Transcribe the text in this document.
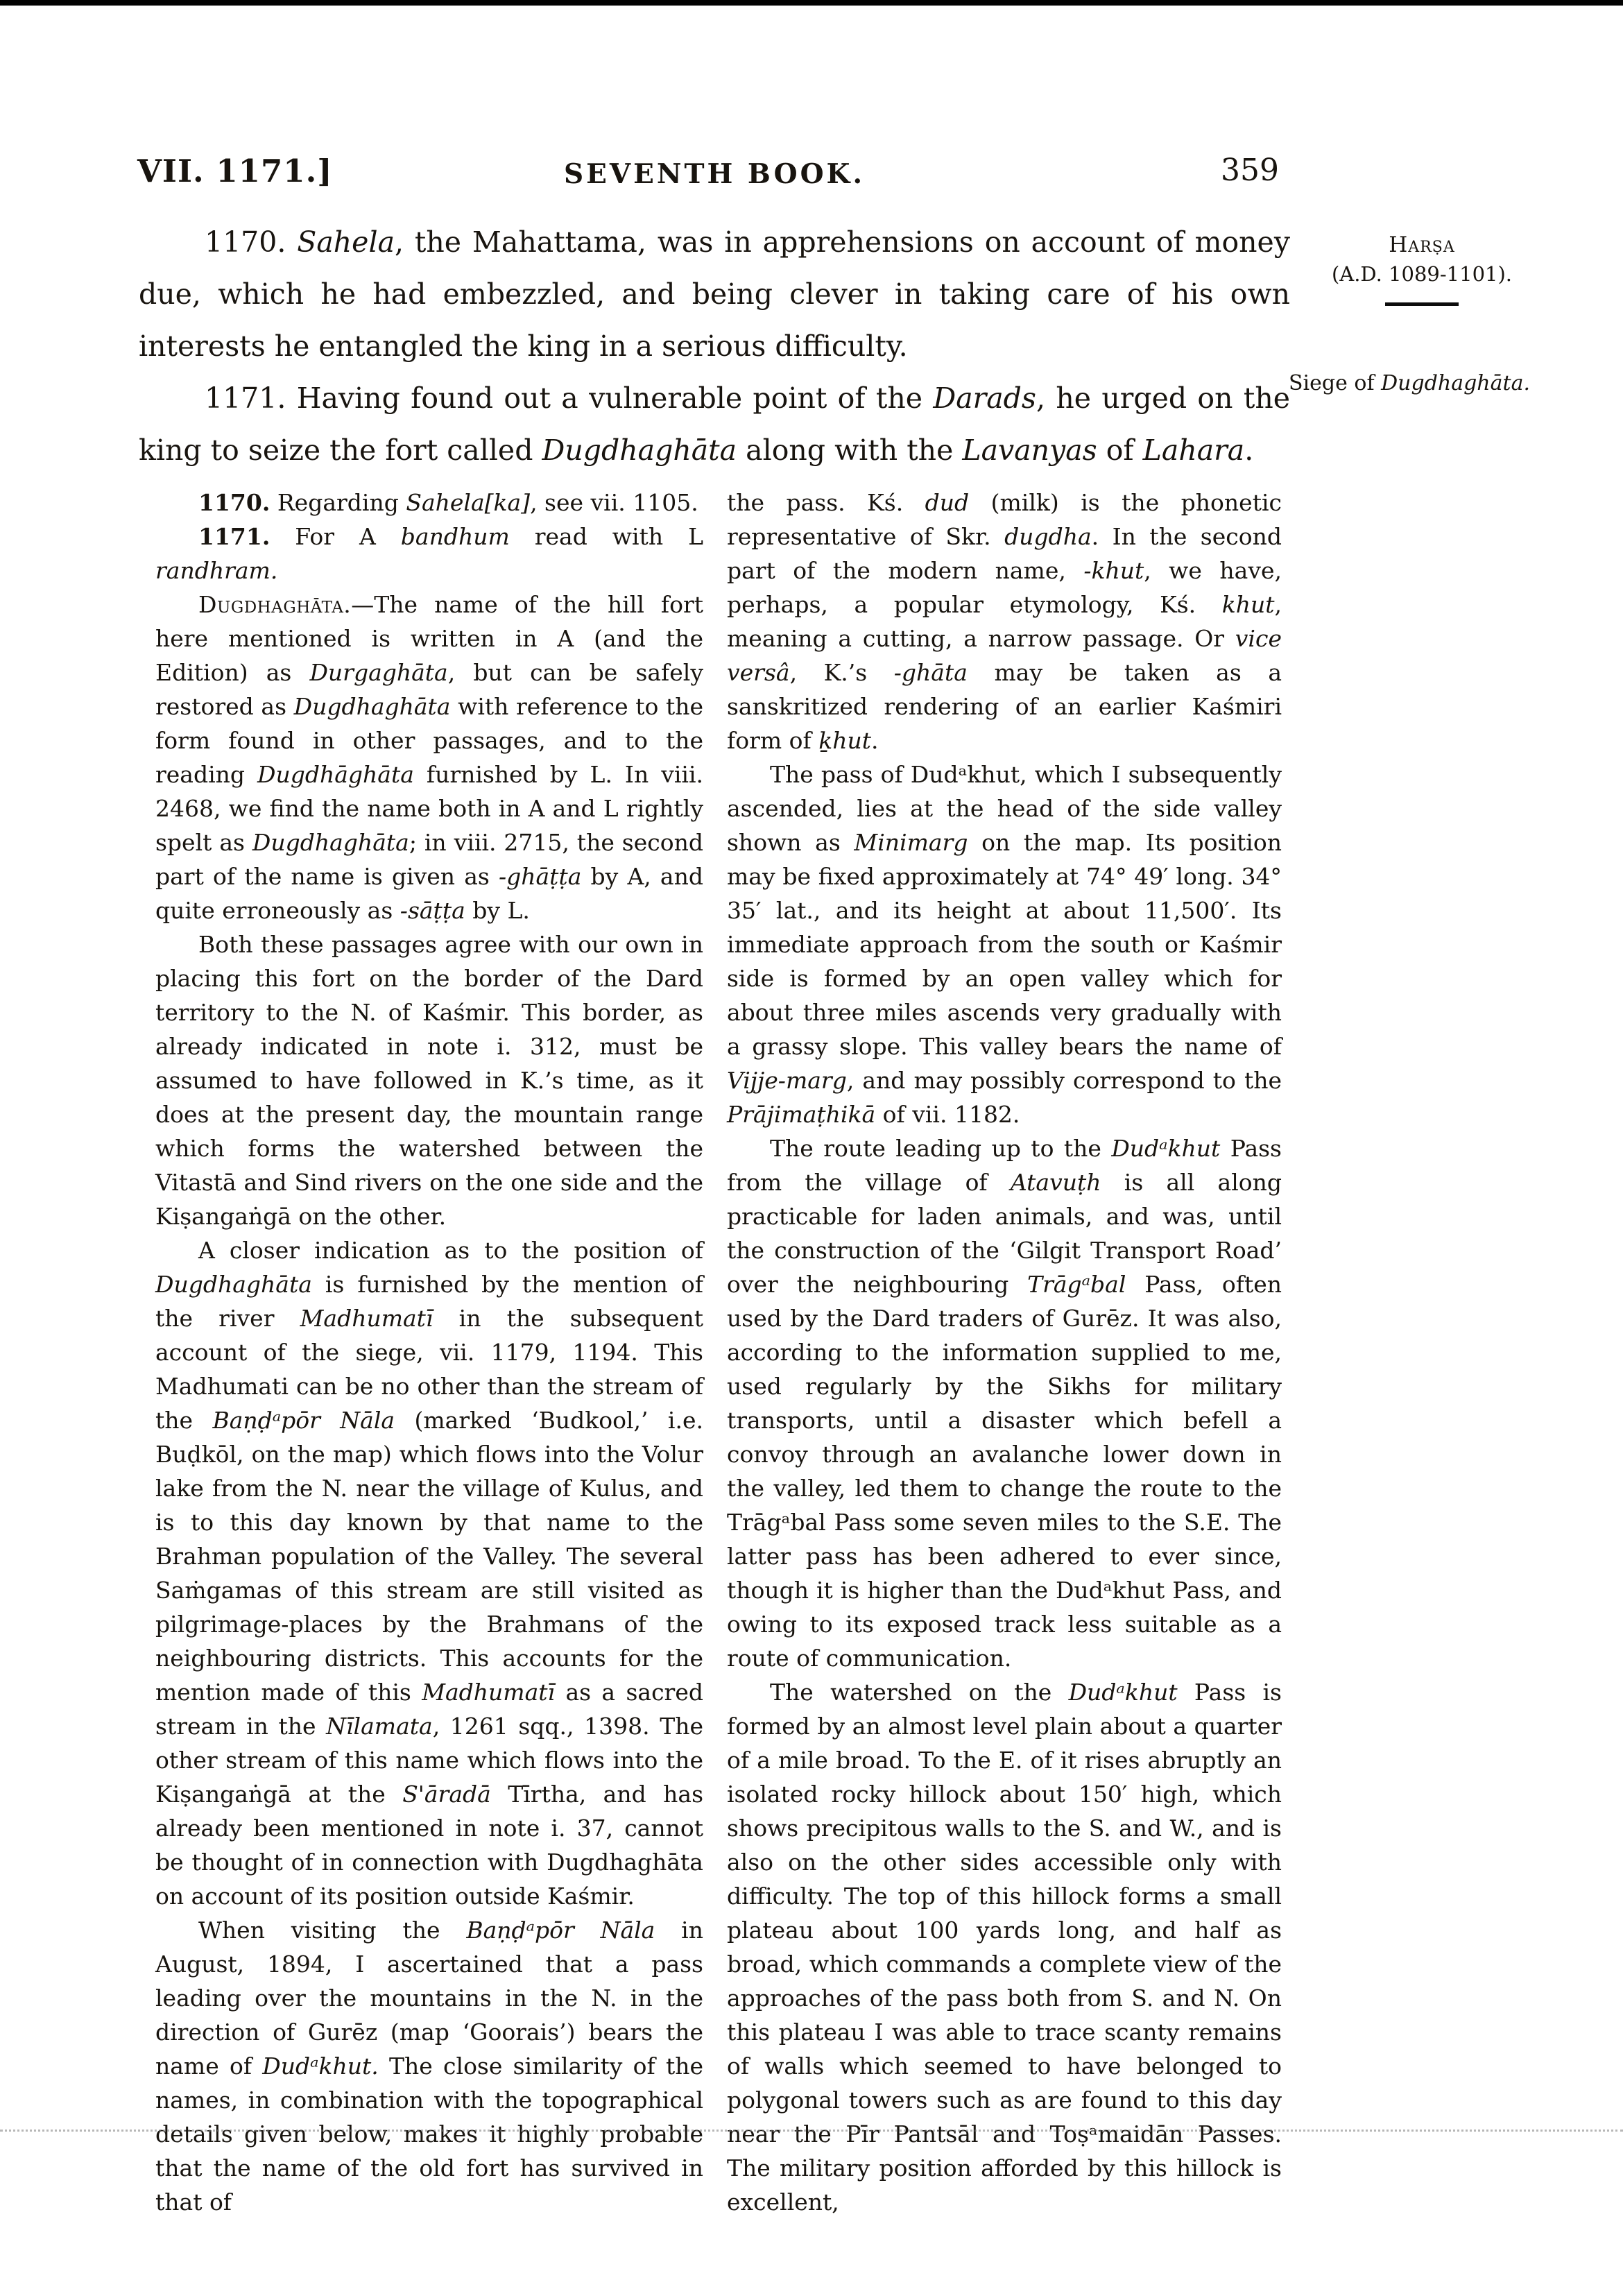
VII. 1171.]	SEVENTH BOOK.	359

1170. Sahela, the Mahattama, was in apprehensions on account of money due, which he had embezzled, and being clever in taking care of his own interests he entangled the king in a serious difficulty.

1171. Having found out a vulnerable point of the Darads, he urged on the king to seize the fort called Dugdhaghāta along with the Lavanyas of Lahara.

Harṣa
(A.D. 1089-1101).
Siege of Dugdhaghāta.

1170. Regarding Sahela[ka], see vii. 1105.

1171. For A bandhum read with L randhram.

Dugdhaghāta.—The name of the hill fort here mentioned is written in A (and the Edition) as Durgaghāta, but can be safely restored as Dugdhaghāta with reference to the form found in other passages, and to the reading Dugdhāghāta furnished by L. In viii. 2468, we find the name both in A and L rightly spelt as Dugdhaghāta; in viii. 2715, the second part of the name is given as -ghāṭṭa by A, and quite erroneously as -sāṭṭa by L.

Both these passages agree with our own in placing this fort on the border of the Dard territory to the N. of Kaśmir. This border, as already indicated in note i. 312, must be assumed to have followed in K.’s time, as it does at the present day, the mountain range which forms the watershed between the Vitastā and Sind rivers on the one side and the Kiṣangaṅgā on the other.

A closer indication as to the position of Dugdhaghāta is furnished by the mention of the river Madhumatī in the subsequent account of the siege, vii. 1179, 1194. This Madhumati can be no other than the stream of the Baṇḍᵃpōr Nāla (marked ‘Budkool,’ i.e. Buḍkōl, on the map) which flows into the Volur lake from the N. near the village of Kulus, and is to this day known by that name to the Brahman population of the Valley. The several Saṁgamas of this stream are still visited as pilgrimage-places by the Brahmans of the neighbouring districts. This accounts for the mention made of this Madhumatī as a sacred stream in the Nīlamata, 1261 sqq., 1398. The other stream of this name which flows into the Kiṣangaṅgā at the S'āradā Tīrtha, and has already been mentioned in note i. 37, cannot be thought of in connection with Dugdhaghāta on account of its position outside Kaśmir.

When visiting the Baṇḍᵃpōr Nāla in August, 1894, I ascertained that a pass leading over the mountains in the N. in the direction of Gurēz (map ‘Goorais’) bears the name of Dudᵃkhut. The close similarity of the names, in combination with the topographical details given below, makes it highly probable that the name of the old fort has survived in that of

the pass. Kś. dud (milk) is the phonetic representative of Skr. dugdha. In the second part of the modern name, -khut, we have, perhaps, a popular etymology, Kś. khut, meaning a cutting, a narrow passage. Or vice versâ, K.’s -ghāta may be taken as a sanskritized rendering of an earlier Kaśmiri form of ḵhut.

The pass of Dudᵃkhut, which I subsequently ascended, lies at the head of the side valley shown as Minimarg on the map. Its position may be fixed approximately at 74° 49′ long. 34° 35′ lat., and its height at about 11,500′. Its immediate approach from the south or Kaśmir side is formed by an open valley which for about three miles ascends very gradually with a grassy slope. This valley bears the name of Vijje-marg, and may possibly correspond to the Prājimaṭhikā of vii. 1182.

The route leading up to the Dudᵃkhut Pass from the village of Atavuṭh is all along practicable for laden animals, and was, until the construction of the ‘Gilgit Transport Road’ over the neighbouring Trāgᵃbal Pass, often used by the Dard traders of Gurēz. It was also, according to the information supplied to me, used regularly by the Sikhs for military transports, until a disaster which befell a convoy through an avalanche lower down in the valley, led them to change the route to the Trāgᵃbal Pass some seven miles to the S.E. The latter pass has been adhered to ever since, though it is higher than the Dudᵃkhut Pass, and owing to its exposed track less suitable as a route of communication.

The watershed on the Dudᵃkhut Pass is formed by an almost level plain about a quarter of a mile broad. To the E. of it rises abruptly an isolated rocky hillock about 150′ high, which shows precipitous walls to the S. and W., and is also on the other sides accessible only with difficulty. The top of this hillock forms a small plateau about 100 yards long, and half as broad, which commands a complete view of the approaches of the pass both from S. and N. On this plateau I was able to trace scanty remains of walls which seemed to have belonged to polygonal towers such as are found to this day near the Pīr Pantsāl and Toṣᵃmaidān Passes. The military position afforded by this hillock is excellent,
